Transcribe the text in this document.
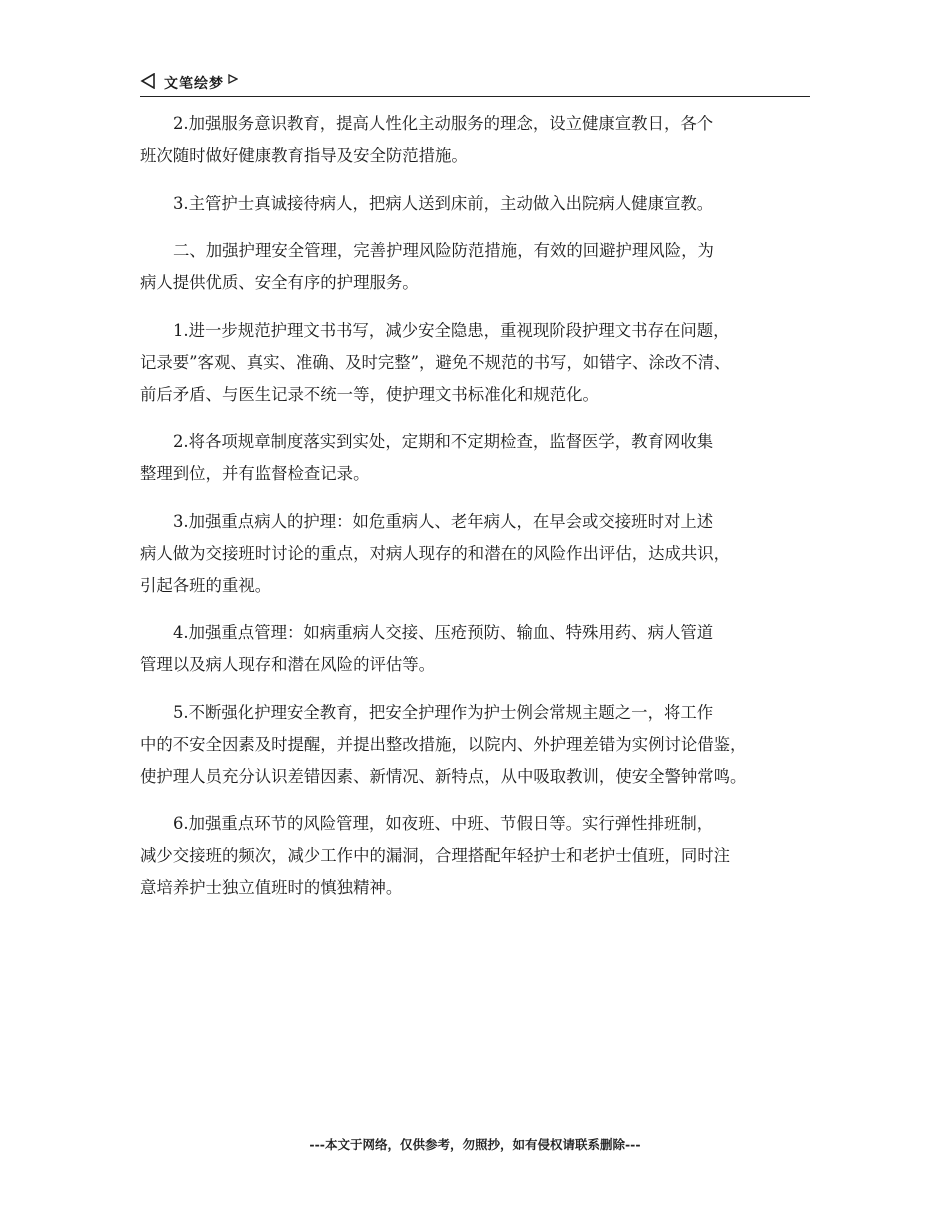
文笔绘梦

2.加强服务意识教育，提高人性化主动服务的理念，设立健康宣教日，各个
班次随时做好健康教育指导及安全防范措施。

3.主管护士真诚接待病人，把病人送到床前，主动做入出院病人健康宣教。

二、加强护理安全管理，完善护理风险防范措施，有效的回避护理风险，为
病人提供优质、安全有序的护理服务。

1.进一步规范护理文书书写，减少安全隐患，重视现阶段护理文书存在问题，
记录要”客观、真实、准确、及时完整”，避免不规范的书写，如错字、涂改不清、
前后矛盾、与医生记录不统一等，使护理文书标准化和规范化。

2.将各项规章制度落实到实处，定期和不定期检查，监督医学，教育网收集
整理到位，并有监督检查记录。

3.加强重点病人的护理：如危重病人、老年病人，在早会或交接班时对上述
病人做为交接班时讨论的重点，对病人现存的和潜在的风险作出评估，达成共识，
引起各班的重视。

4.加强重点管理：如病重病人交接、压疮预防、输血、特殊用药、病人管道
管理以及病人现存和潜在风险的评估等。

5.不断强化护理安全教育，把安全护理作为护士例会常规主题之一，将工作
中的不安全因素及时提醒，并提出整改措施，以院内、外护理差错为实例讨论借鉴，
使护理人员充分认识差错因素、新情况、新特点，从中吸取教训，使安全警钟常鸣。

6.加强重点环节的风险管理，如夜班、中班、节假日等。实行弹性排班制，
减少交接班的频次，减少工作中的漏洞，合理搭配年轻护士和老护士值班，同时注
意培养护士独立值班时的慎独精神。

---本文于网络，仅供参考，勿照抄，如有侵权请联系删除---
